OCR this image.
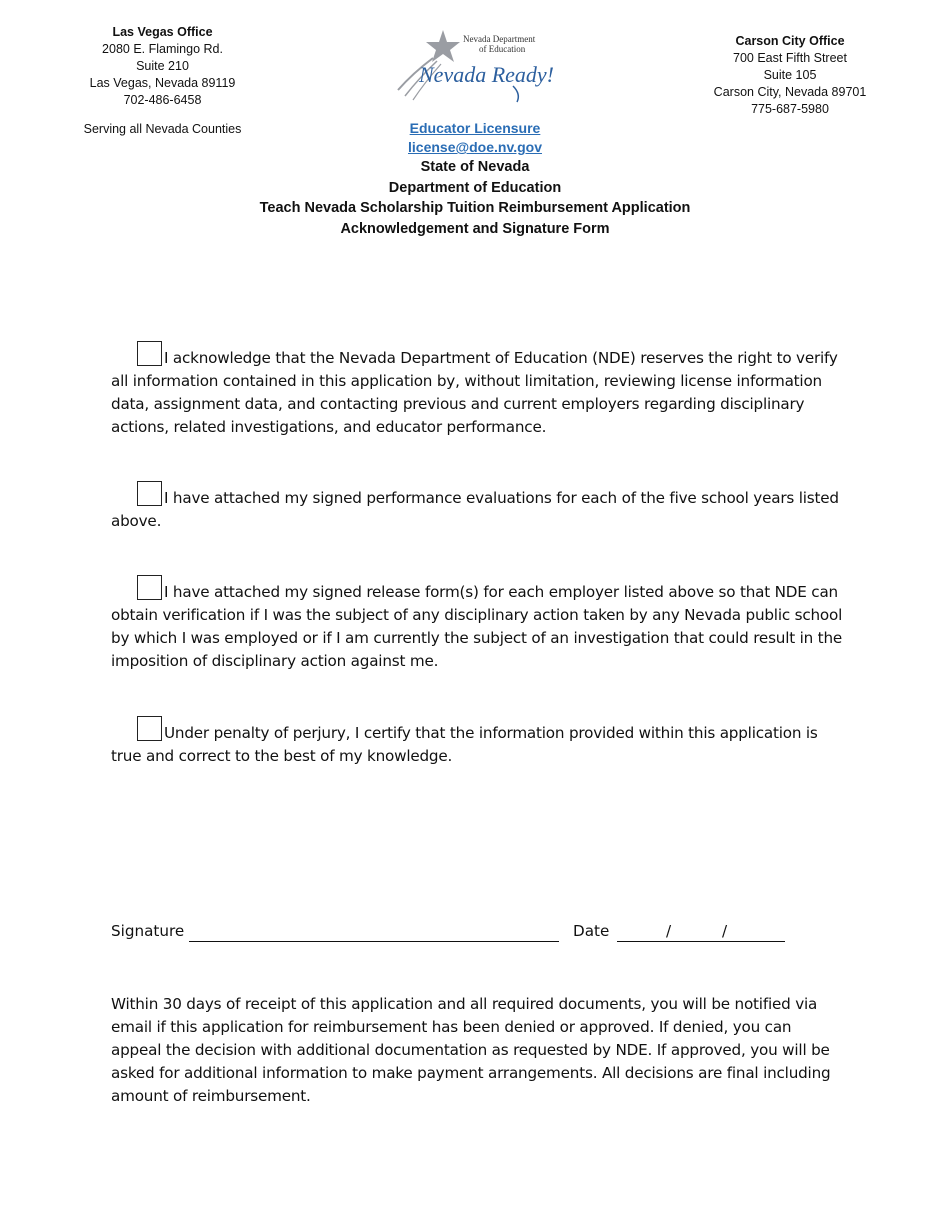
Las Vegas Office
2080 E. Flamingo Rd.
Suite 210
Las Vegas, Nevada 89119
702-486-6458
Serving all Nevada Counties
Nevada Department
of Education
Nevada Ready!
Carson City Office
700 East Fifth Street
Suite 105
Carson City, Nevada 89701
775-687-5980
Educator Licensure
license@doe.nv.gov
State of Nevada
Department of Education
Teach Nevada Scholarship Tuition Reimbursement Application
Acknowledgement and Signature Form
I acknowledge that the Nevada Department of Education (NDE) reserves the right to verify all information contained in this application by, without limitation, reviewing license information data, assignment data, and contacting previous and current employers regarding disciplinary actions, related investigations, and educator performance.
I have attached my signed performance evaluations for each of the five school years listed above.
I have attached my signed release form(s) for each employer listed above so that NDE can obtain verification if I was the subject of any disciplinary action taken by any Nevada public school by which I was employed or if I am currently the subject of an investigation that could result in the imposition of disciplinary action against me.
Under penalty of perjury, I certify that the information provided within this application is true and correct to the best of my knowledge.
Signature	Date	/	/
Within 30 days of receipt of this application and all required documents, you will be notified via email if this application for reimbursement has been denied or approved. If denied, you can appeal the decision with additional documentation as requested by NDE. If approved, you will be asked for additional information to make payment arrangements. All decisions are final including amount of reimbursement.
